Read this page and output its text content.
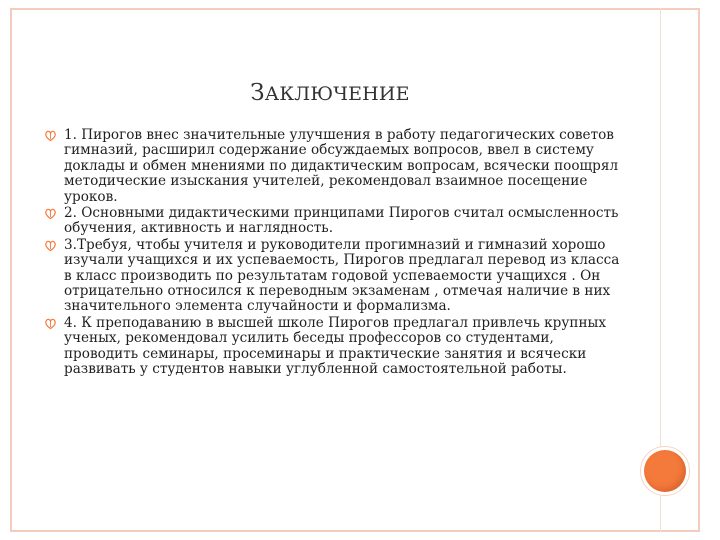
ЗАКЛЮЧЕНИЕ
1. Пирогов внес значительные улучшения в работу педагогических советов гимназий, расширил содержание обсуждаемых вопросов, ввел в систему доклады и обмен мнениями по дидактическим вопросам, всячески поощрял методические изыскания учителей, рекомендовал взаимное посещение уроков.
2. Основными дидактическими принципами Пирогов считал осмысленность обучения, активность и наглядность.
3.Требуя, чтобы учителя и руководители прогимназий и гимназий хорошо изучали учащихся и их успеваемость, Пирогов предлагал перевод из класса в класс производить по результатам годовой успеваемости учащихся . Он отрицательно относился к переводным экзаменам , отмечая наличие в них значительного элемента случайности и формализма.
4. К преподаванию в высшей школе Пирогов предлагал привлечь крупных ученых, рекомендовал усилить беседы профессоров со студентами, проводить семинары, просеминары и практические занятия и всячески развивать у студентов навыки углубленной самостоятельной работы.
